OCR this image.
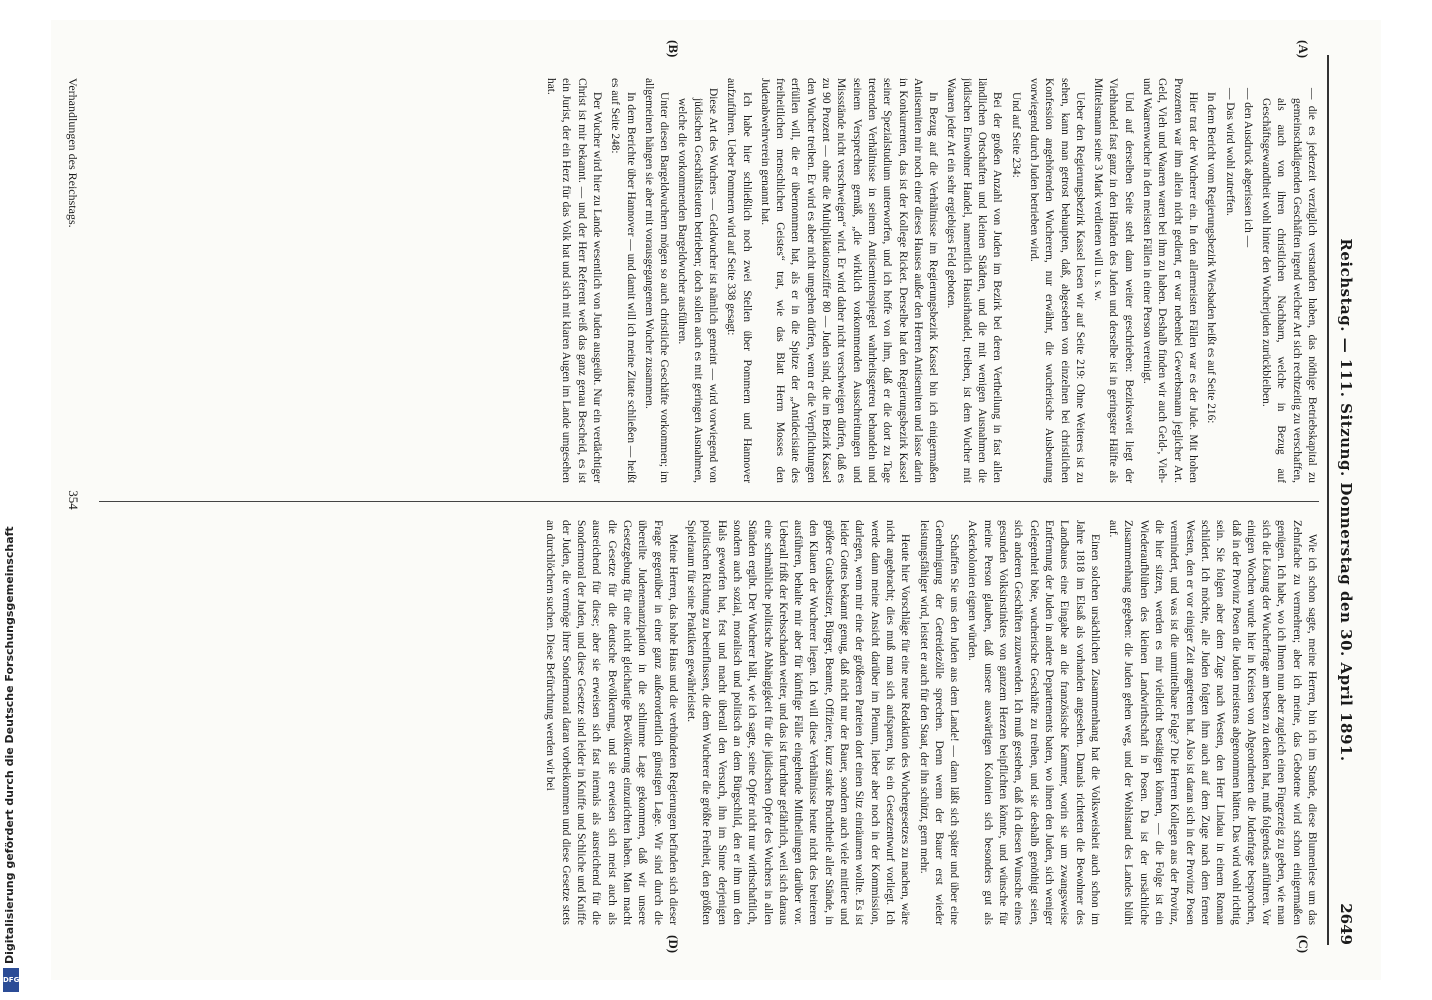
Reichstag. — 111. Sitzung. Donnerstag den 30. April 1891.
2649
(A)
(B)
(C)
(D)

— die es jederzeit verzüglich verstanden haben, das nöthige Betriebskapital zu gemeinschädigenden Geschäften irgend welcher Art sich rechtzeitig zu verschaffen, als auch von ihren christlichen Nachbarn, welche in Bezug auf Geschäftsgewandtheit wohl hinter den Wucherjuden zurückbleiben.

— den Ausdruck abgerissen ich —

— Das wird wohl zutreffen.

In dem Bericht vom Regierungsbezirk Wiesbaden heißt es auf Seite 216:

Hier trat der Wucherer ein. In den allermeisten Fällen war es der Jude. Mit hohen Prozenten war ihm allein nicht gedient, er war nebenbei Gewerbsmann jeglicher Art. Geld, Vieh und Waaren waren bei ihm zu haben. Deshalb finden wir auch Geld-, Vieh- und Waarenwucher in den meisten Fällen in einer Person vereinigt.

Und auf derselben Seite steht dann weiter geschrieben: Bezirksweit liegt der Viehhandel fast ganz in den Händen des Juden und derselbe ist in geringster Hälfte als Mittelsmann seine 3 Mark verdienen will u. s. w.

Ueber den Regierungsbezirk Kassel lesen wir auf Seite 219: Ohne Weiteres ist zu sehen, kann man getrost behaupten, daß, abgesehen von einzelnen bei christlichen Konfession angehörenden Wucherern, nur erwähnt, die wucherische Ausbeutung vorwiegend durch Juden betrieben wird.

Und auf Seite 234:

Bei der großen Anzahl von Juden im Bezirk bei deren Vertheilung in fast allen ländlichen Ortschaften und kleinen Städten, und die mit wenigen Ausnahmen die jüdischen Einwohner Handel, namentlich Hausirhandel, treiben, ist dem Wucher mit Waaren jeder Art ein sehr ergiebiges Feld geboten.

In Bezug auf die Verhältnisse im Regierungsbezirk Kassel bin ich einigermaßen Antisemiten mir noch einer dieses Hauses außer den Herren Antisemiten und lasse darin in Konkurrenten, das ist der Kollege Ricket. Derselbe hat den Regierungsbezirk Kassel seiner Spezialstudium unterworfen, und ich hoffe von ihm, daß er die dort zu Tage tretenden Verhältnisse in seinem Antisemitenspiegel wahrheitsgetreu behandeln und seinem Versprechen gemäß, „die wirklich vorkommenden Ausschreitungen und Missstände nicht verschweigen“ wird. Er wird daher nicht verschweigen dürfen, daß es zu 90 Prozent — ohne die Multiplikationsziffer 80 — Juden sind, die im Bezirk Kassel den Wucher treiben. Er wird es aber nicht umgehen dürfen, wenn er die Verpflichtungen erfüllen will, die er übernommen hat, als er in die Spitze der „Antidecisiate des freiheitlichen menschlichen Geistes“ trat, wie das Blatt Herrn Mosses den Judenabwehrverein genannt hat.

Ich habe hier schließlich noch zwei Stellen über Pommern und Hannover aufzuführen. Ueber Pommern wird auf Seite 338 gesagt:

Diese Art des Wuchers — Geldwucher ist nämlich gemeint — wird vorwiegend von jüdischen Geschäftsleuten betrieben; doch sollen auch es mit geringen Ausnahmen, welche die vorkommenden Bargeldwucher ausführen.

Unter diesen Bargeldwuchern mögen so auch christliche Geschäfte vorkommen; im allgemeinen hängen sie aber mit vorausgegangenem Wucher zusammen.

In dem Berichte über Hannover — und damit will ich meine Zitate schließen — heißt es auf Seite 248:

Der Wucher wird hier zu Lande wesentlich von Juden ausgeübt. Nur ein verdächtiger Christ ist mir bekannt. — und der Herr Referent weiß das ganz genau Bescheid, es ist ein Jurist, der ein Herz für das Volk hat und sich mit klaren Augen im Lande umgesehen hat.

Wie ich schon sagte, meine Herren, bin ich im Stande, diese Blumenlese um das Zehnfache zu vermehren; aber ich meine, das Gebotene wird schon einigermaßen genügen. Ich habe, wo ich Ihnen nun aber zugleich einen Fingerzeig zu geben, wie man sich die Lösung der Wucherfrage am besten zu denken hat, muß folgendes anführen. Vor einigen Wochen wurde hier in Kreisen von Abgeordneten die Judenfrage besprochen, daß in der Provinz Posen die Juden meistens abgenommen hätten. Das wird wohl richtig sein. Sie folgen aber dem Zuge nach Westen, den Herr Lindau in einem Roman schildert. Ich möchte, alle Juden folgten ihm auch auf dem Zuge nach dem fernen Westen, den er vor einiger Zeit angetreten hat. Also ist daran sich in der Provinz Posen vermindert, und was ist die unmittelbare Folge? Die Herren Kollegen aus der Provinz, die hier sitzen, werden es mir vielleicht bestätigen können, — die Folge ist ein Wiederaufblühen des kleinen Landwirthschaft in Posen. Da ist der ursächliche Zusammenhang gegeben: die Juden gehen weg, und der Wohlstand des Landes blüht auf.

Einen solchen ursächlichen Zusammenhang hat die Volksweisheit auch schon im Jahre 1818 im Elsaß als vorhanden angesehen. Damals richteten die Bewohner des Landbaues eine Eingabe an die französische Kammer, worin sie um zwangsweise Entfernung der Juden in andere Departements baten, wo ihnen den Juden, sich weniger Gelegenheit böte, wucherische Geschäfte zu treiben, und sie deshalb genöthigt seien, sich anderen Geschäften zuzuwenden. Ich muß gestehen, daß ich diesen Wunsche eines gesunden Volksinstinktes von ganzem Herzen beipflichten könnte, und wünsche für meine Person glauben, daß unsere auswärtigen Kolonien sich besonders gut als Ackerkolonien eignen würden.

Schaffen Sie uns den Juden aus dem Lande! — dann läßt sich später und über eine Genehmigung der Getreidezölle sprechen. Denn wenn der Bauer erst wieder leistungsfähiger wird, leistet er auch für den Staat, der ihn schützt, gern mehr.

Heute hier Vorschläge für eine neue Redaktion des Wuchergesetzes zu machen, wäre nicht angebracht; dies muß man sich aufsparen, bis ein Gesetzentwurf vorliegt. Ich werde dann meine Ansicht darüber im Plenum, lieber aber noch in der Kommission, darlegen, wenn mir eine der größeren Parteien dort einen Sitz einräumen wollte. Es ist leider Gottes bekannt genug, daß nicht nur der Bauer, sondern auch viele mittlere und größere Gutsbesitzer, Bürger, Beamte, Offiziere, kurz starke Bruchtheile aller Stände, in den Klauen der Wucherer liegen. Ich will diese Verhältnisse heute nicht des breiteren ausführen, behalte mir aber für künftige Fälle eingehende Mittheilungen darüber vor. Ueberall frißt der Krebsschaden weiter, und das ist furchtbar gefährlich, weil sich daraus eine schmähliche politische Abhängigkeit für die jüdischen Opfer des Wuchers in allen Ständen ergibt. Der Wucherer hält, wie ich sagte, seine Opfer nicht nur wirthschaftlich, sondern auch sozial, moralisch und politisch an dem Bürgschild, den er ihm um den Hals geworfen hat, fest und macht überall den Versuch, ihn im Sinne derjenigen politischen Richtung zu beeinflussen, die dem Wucherer die größte Freiheit, den größten Spielraum für seine Praktiken gewährleistet.

Meine Herren, das hohe Haus und die verbündeten Regierungen befinden sich dieser Frage gegenüber in einer ganz außerordentlich günstigen Lage. Wir sind durch die übereilte Judenemanzipation in die schlimme Lage gekommen, daß wir unsere Gesetzgebung für eine nicht gleichartige Bevölkerung einzurichten haben. Man macht die Gesetze für die deutsche Bevölkerung, und sie erweisen sich meist auch als ausreichend für diese; aber sie erweisen sich fast niemals als ausreichend für die Sondermoral der Juden, und diese Gesetze sind leider in Kniffe und Schliche und Kniffe der Juden, die vermöge ihrer Sondermoral daran vorbeikommen und diese Gesetze stets an durchlöchern suchen. Diese Befürchtung werden wir bei

Verhandlungen des Reichstags.
354
Digitalisierung gefördert durch die Deutsche Forschungsgemeinschaft
DFG
